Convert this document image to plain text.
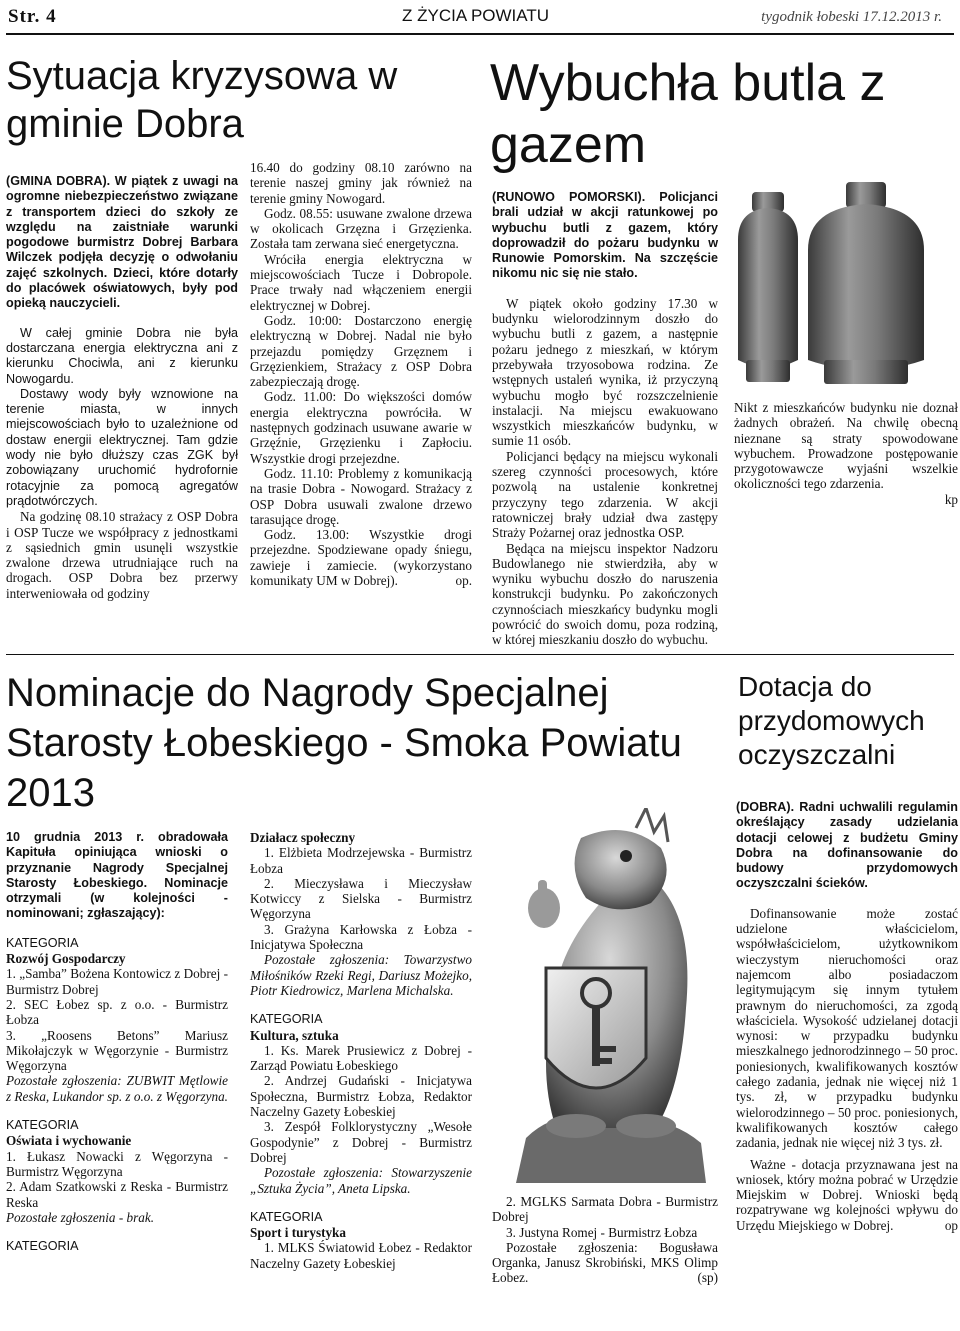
Str. 4	Z ŻYCIA POWIATU	tygodnik łobeski 17.12.2013 r.
Sytuacja kryzysowa w gminie Dobra

(GMINA DOBRA). W piątek z uwagi na ogromne niebezpieczeństwo związane z transportem dzieci do szkoły ze względu na zaistniałe warunki pogodowe burmistrz Dobrej Barbara Wilczek podjęła decyzję o odwołaniu zajęć szkolnych. Dzieci, które dotarły do placówek oświatowych, były pod opieką nauczycieli.

W całej gminie Dobra nie była dostarczana energia elektryczna ani z kierunku Chociwla, ani z kierunku Nowogardu.

Dostawy wody były wznowione na terenie miasta, w innych miejscowościach było to uzależnione od dostaw energii elektrycznej. Tam gdzie wody nie było dłuższy czas ZGK był zobowiązany uruchomić hydrofornie rotacyjnie za pomocą agregatów prądotwórczych.

Na godzinę 08.10 strażacy z OSP Dobra i OSP Tucze we współpracy z jednostkami z sąsiednich gmin usunęli wszystkie zwalone drzewa utrudniające ruch na drogach. OSP Dobra bez przerwy interweniowała od godziny

16.40 do godziny 08.10 zarówno na terenie naszej gminy jak również na terenie gminy Nowogard.

Godz. 08.55: usuwane zwalone drzewa w okolicach Grzęzna i Grzęzienka. Została tam zerwana sieć energetyczna.

Wróciła energia elektryczna w miejscowościach Tucze i Dobropole. Prace trwały nad włączeniem energii elektrycznej w Dobrej.

Godz. 10:00: Dostarczono energię elektryczną w Dobrej. Nadal nie było przejazdu pomiędzy Grzęznem i Grzęzienkiem, Strażacy z OSP Dobra zabezpieczają drogę.

Godz. 11.00: Do większości domów energia elektryczna powróciła. W następnych godzinach usuwane awarie w Grzęźnie, Grzęzienku i Zapłociu. Wszystkie drogi przejezdne.

Godz. 11.10: Problemy z komunikacją na trasie Dobra - Nowogard. Strażacy z OSP Dobra usuwali zwalone drzewo tarasujące drogę.

Godz. 13.00: Wszystkie drogi przejezdne. Spodziewane opady śniegu, zawieje i zamiecie. (wykorzystano komunikaty UM w Dobrej).	op.

Wybuchła butla z gazem

(RUNOWO POMORSKI). Policjanci brali udział w akcji ratunkowej po wybuchu butli z gazem, który doprowadził do pożaru budynku w Runowie Pomorskim. Na szczęście nikomu nic się nie stało.

W piątek około godziny 17.30 w budynku wielorodzinnym doszło do wybuchu butli z gazem, a następnie pożaru jednego z mieszkań, w którym przebywała trzyosobowa rodzina. Ze wstępnych ustaleń wynika, iż przyczyną wybuchu mogło być rozszczelnienie instalacji. Na miejscu ewakuowano wszystkich mieszkańców budynku, w sumie 11 osób.

Policjanci będący na miejscu wykonali szereg czynności procesowych, które pozwolą na ustalenie konkretnej przyczyny tego zdarzenia. W akcji ratowniczej brały udział dwa zastępy Straży Pożarnej oraz jednostka OSP.

Będąca na miejscu inspektor Nadzoru Budowlanego nie stwierdziła, aby w wyniku wybuchu doszło do naruszenia konstrukcji budynku. Po zakończonych czynnościach mieszkańcy budynku mogli powrócić do swoich domu, poza rodziną, w której mieszkaniu doszło do wybuchu.

Nikt z mieszkańców budynku nie doznał żadnych obrażeń. Na chwilę obecną nieznane są straty spowodowane wybuchem. Prowadzone postępowanie przygotowawcze wyjaśni wszelkie okoliczności tego zdarzenia.

kp

Nominacje do Nagrody Specjalnej Starosty Łobeskiego - Smoka Powiatu 2013

10 grudnia 2013 r. obradowała Kapituła opiniująca wnioski o przyznanie Nagrody Specjalnej Starosty Łobeskiego. Nominacje otrzymali (w kolejności - nominowani; zgłaszający):

KATEGORIA

Rozwój Gospodarczy

1. „Samba” Bożena Kontowicz z Dobrej - Burmistrz Dobrej

2. SEC Łobez sp. z o.o. - Burmistrz Łobza

3. „Roosens Betons” Mariusz Mikołajczyk w Węgorzynie - Burmistrz Węgorzyna

Pozostałe zgłoszenia: ZUBWIT Mętlowie z Reska, Lukandor sp. z o.o. z Węgorzyna.

KATEGORIA

Oświata i wychowanie

1. Łukasz Nowacki z Węgorzyna - Burmistrz Węgorzyna

2. Adam Szatkowski z Reska - Burmistrz Reska

Pozostałe zgłoszenia - brak.

KATEGORIA

Działacz społeczny

1. Elżbieta Modrzejewska - Burmistrz Łobza

2. Mieczysława i Mieczysław Kotwiccy z Sielska - Burmistrz Węgorzyna

3. Grażyna Karłowska z Łobza - Inicjatywa Społeczna

Pozostałe zgłoszenia: Towarzystwo Miłośników Rzeki Regi, Dariusz Możejko, Piotr Kiedrowicz, Marlena Michalska.

KATEGORIA

Kultura, sztuka

1. Ks. Marek Prusiewicz z Dobrej - Zarząd Powiatu Łobeskiego

2. Andrzej Gudański - Inicjatywa Społeczna, Burmistrz Łobza, Redaktor Naczelny Gazety Łobeskiej

3. Zespół Folklorystyczny „Wesołe Gospodynie” z Dobrej - Burmistrz Dobrej

Pozostałe zgłoszenia: Stowarzyszenie „Sztuka Życia”, Aneta Lipska.

KATEGORIA

Sport i turystyka

1. MLKS Światowid Łobez - Redaktor Naczelny Gazety Łobeskiej

2. MGLKS Sarmata Dobra - Burmistrz Dobrej

3. Justyna Romej - Burmistrz Łobza

Pozostałe zgłoszenia: Bogusława Organka, Janusz Skrobiński, MKS Olimp Łobez.	(sp)

Dotacja do przydomowych oczyszczalni

(DOBRA). Radni uchwalili regulamin określający zasady udzielania dotacji celowej z budżetu Gminy Dobra na dofinansowanie do budowy przydomowych oczyszczalni ścieków.

Dofinansowanie może zostać udzielone właścicielom, współwłaścicielom, użytkownikom wieczystym nieruchomości oraz najemcom albo posiadaczom legitymującym się innym tytułem prawnym do nieruchomości, za zgodą właściciela. Wysokość udzielanej dotacji wynosi: w przypadku budynku mieszkalnego jednorodzinnego – 50 proc. poniesionych, kwalifikowanych kosztów całego zadania, jednak nie więcej niż 1 tys. zł, w przypadku budynku wielorodzinnego – 50 proc. poniesionych, kwalifikowanych kosztów całego zadania, jednak nie więcej niż 3 tys. zł.

Ważne - dotacja przyznawana jest na wniosek, który można pobrać w Urzędzie Miejskim w Dobrej. Wnioski będą rozpatrywane wg kolejności wpływu do Urzędu Miejskiego w Dobrej.	op
